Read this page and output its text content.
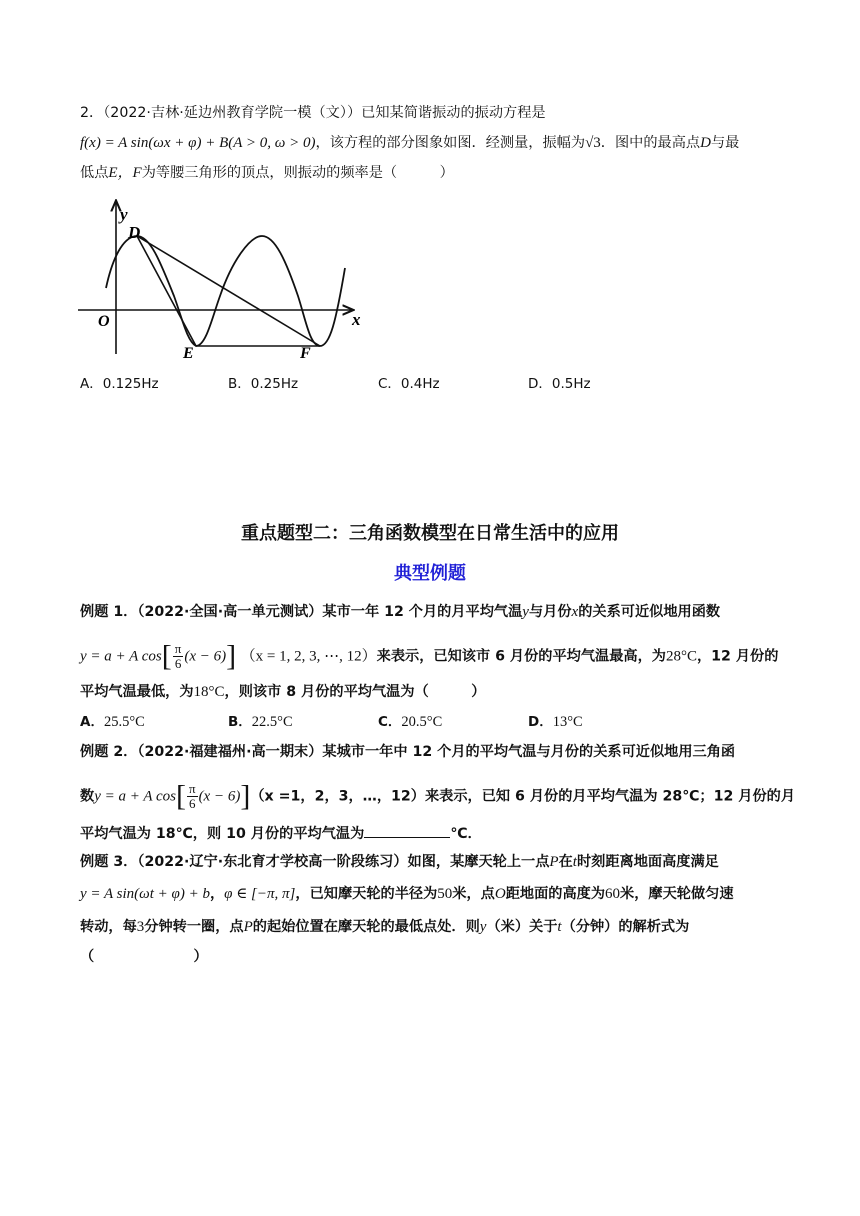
2．（2022·吉林·延边州教育学院一模（文））已知某简谐振动的振动方程是
f(x) = A sin(ωx + φ) + B(A > 0, ω > 0)，该方程的部分图象如图．经测量，振幅为√3．图中的最高点D与最
低点E，F为等腰三角形的顶点，则振动的频率是（　　　）
y
x
O
D
E	F
A．0.125Hz	B．0.25Hz	C．0.4Hz	D．0.5Hz
重点题型二：三角函数模型在日常生活中的应用
典型例题
例题 1．（2022·全国·高一单元测试）某市一年 12 个月的月平均气温y与月份x的关系可近似地用函数
y = a + A $\cos[ \frac{\pi}{6} (x - 6)]$ （x = 1, 2, 3, ⋯, 12）来表示，已知该市 6 月份的平均气温最高，为28°C，12 月份的
平均气温最低，为18°C，则该市 8 月份的平均气温为（　　　）
A．25.5°C	B．22.5°C	C．20.5°C	D．13°C
例题 2．（2022·福建福州·高一期末）某城市一年中 12 个月的平均气温与月份的关系可近似地用三角函
数y = a + A $\cos[ \frac{\pi}{6} (x - 6)](x =1$，2，3，…，12）来表示，已知 6 月份的月平均气温为 28℃；12 月份的月
平均气温为 18℃，则 10 月份的平均气温为	℃．
例题 3．（2022·辽宁·东北育才学校高一阶段练习）如图，某摩天轮上一点P在t时刻距离地面高度满足
y = A sin(ωt + φ) + b，φ ∈ [−π, π]，已知摩天轮的半径为50米，点O距地面的高度为60米，摩天轮做匀速
转动，每3分钟转一圈，点P的起始位置在摩天轮的最低点处．则y（米）关于t（分钟）的解析式为
（　　　　　　　）
